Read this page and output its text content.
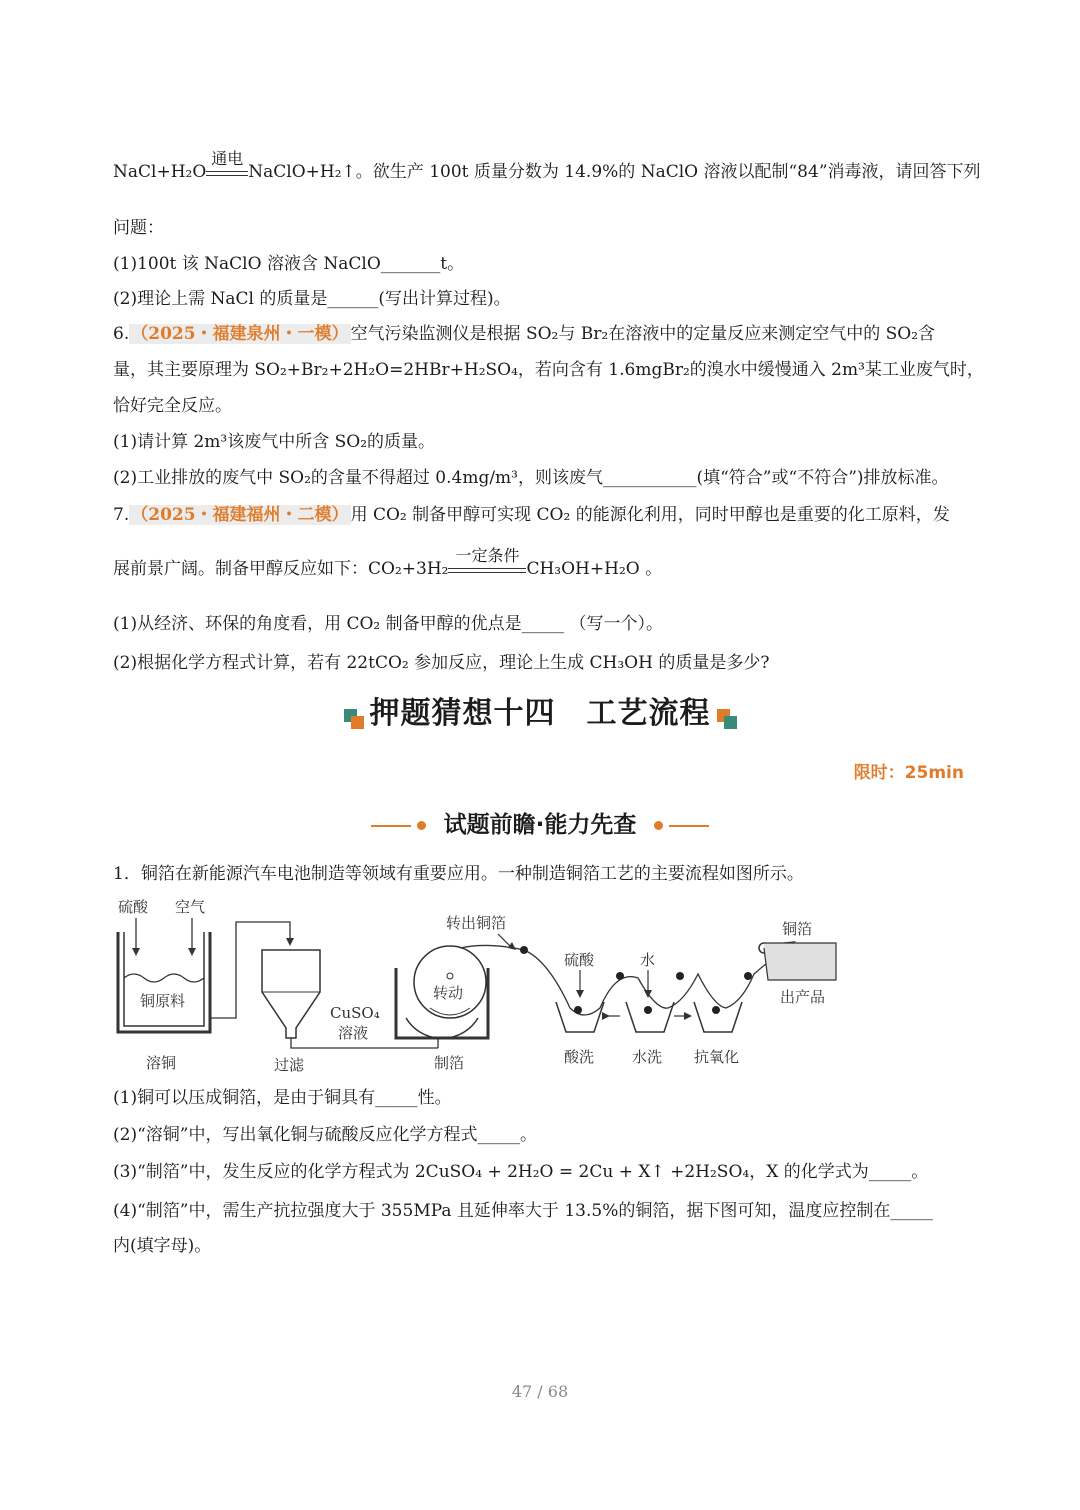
NaCl+H₂O
通电
NaClO+H₂↑。欲生产 100t 质量分数为 14.9%的 NaClO 溶液以配制“84”消毒液，请回答下列
问题：
(1)100t 该 NaClO 溶液含 NaClO_______t。
(2)理论上需 NaCl 的质量是______(写出计算过程)。
6. （2025・福建泉州・一模） 空气污染监测仪是根据 SO₂与 Br₂在溶液中的定量反应来测定空气中的 SO₂含
量，其主要原理为 SO₂+Br₂+2H₂O=2HBr+H₂SO₄，若向含有 1.6mgBr₂的溴水中缓慢通入 2m³某工业废气时，
恰好完全反应。
(1)请计算 2m³该废气中所含 SO₂的质量。
(2)工业排放的废气中 SO₂的含量不得超过 0.4mg/m³，则该废气___________(填“符合”或“不符合”)排放标准。
7. （2025・福建福州・二模） 用 CO₂ 制备甲醇可实现 CO₂ 的能源化利用，同时甲醇也是重要的化工原料，发
展前景广阔。制备甲醇反应如下：CO₂+3H₂
一定条件
CH₃OH+H₂O 。
(1)从经济、环保的角度看，用 CO₂ 制备甲醇的优点是_____ （写一个）。
(2)根据化学方程式计算，若有 22tCO₂ 参加反应，理论上生成 CH₃OH 的质量是多少?
押题猜想十四　工艺流程
限时：25min
试题前瞻·能力先查
1．铜箔在新能源汽车电池制造等领域有重要应用。一种制造铜箔工艺的主要流程如图所示。
硫酸 空气
铜原料
溶铜	过滤
CuSO₄
溶液
转出铜箔
转动
制箔
硫酸	水
酸洗	水洗 抗氧化
铜箔
出产品
(1)铜可以压成铜箔，是由于铜具有_____性。
(2)“溶铜”中，写出氧化铜与硫酸反应化学方程式_____。
(3)“制箔”中，发生反应的化学方程式为 2CuSO₄ + 2H₂O = 2Cu + X↑ +2H₂SO₄，X 的化学式为_____。
(4)“制箔”中，需生产抗拉强度大于 355MPa 且延伸率大于 13.5%的铜箔，据下图可知，温度应控制在_____
内(填字母)。
47 / 68
